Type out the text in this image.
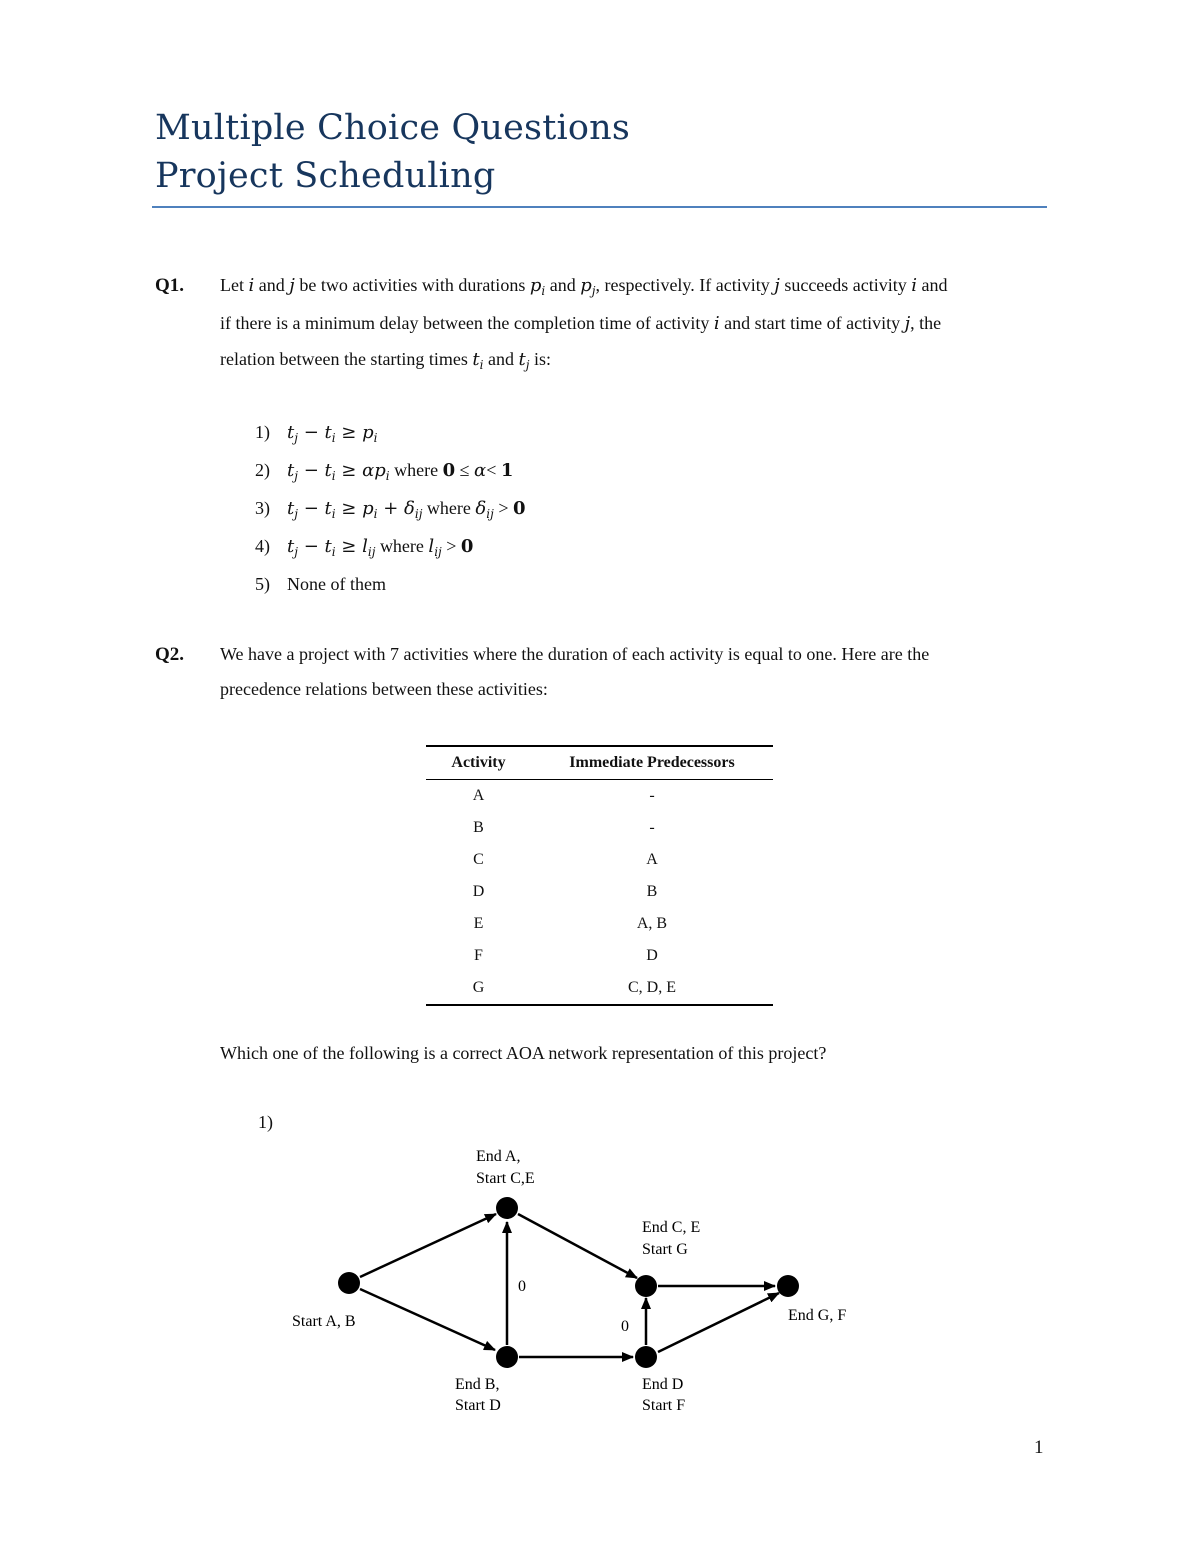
Multiple Choice Questions
Project Scheduling
Q1. Let i and j be two activities with durations $p_i$ and $p_j$, respectively. If activity j succeeds activity i and
if there is a minimum delay between the completion time of activity i and start time of activity j, the
relation between the starting times $t_i$ and $t_j$ is:
1) $t_j - t_i \ge p_i$
2) $t_j - t_i \ge \alpha p_i$ where 0 ≤ α< 1
3) $t_j - t_i \ge p_i + \delta_{ij}$ where $\delta_{ij} > 0$
4) $t_j - t_i \ge l_{ij}$ where $l_{ij} > 0$
5) None of them
Q2. We have a project with 7 activities where the duration of each activity is equal to one. Here are the
precedence relations between these activities:
Activity	Immediate Predecessors
A	-
B	-
C	A
D	B
E	A, B
F	D
G	C, D, E
Which one of the following is a correct AOA network representation of this project?
1)
Start A, B
End A,
Start C,E
End B,
Start D
End C, E
Start G
End D
Start F
End G, F
0
0
1
